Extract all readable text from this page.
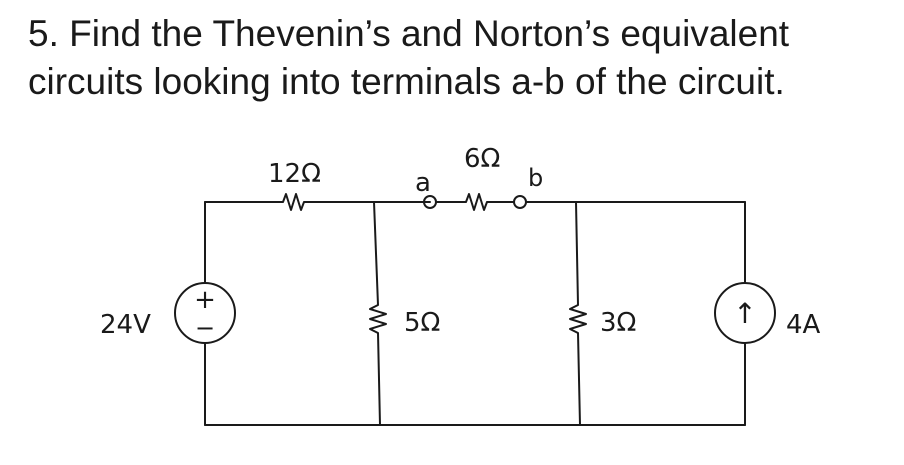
5. Find the Thevenin’s and Norton’s equivalent
circuits looking into terminals a-b of the circuit.
+
−
24V	5Ω	3Ω	↑ 4A
12Ω	6Ω
a	b
